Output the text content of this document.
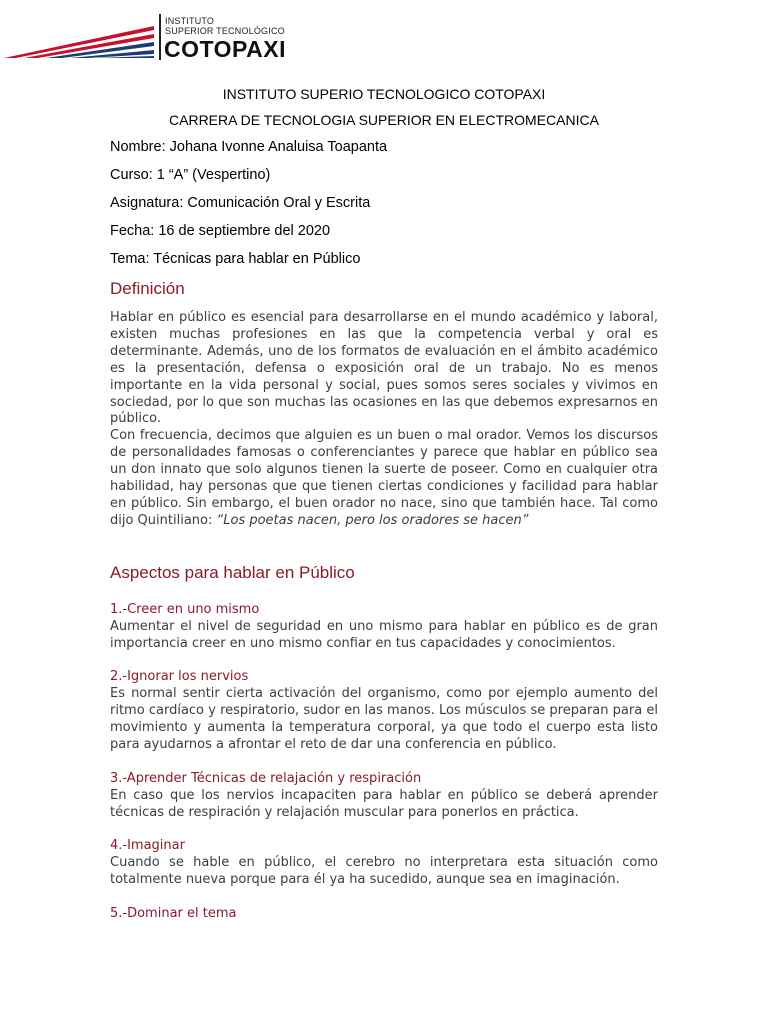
INSTITUTO
SUPERIOR TECNOLÓGICO
COTOPAXI
INSTITUTO SUPERIO TECNOLOGICO COTOPAXI
CARRERA DE TECNOLOGIA SUPERIOR EN ELECTROMECANICA
Nombre: Johana Ivonne Analuisa Toapanta
Curso: 1 “A” (Vespertino)
Asignatura: Comunicación Oral y Escrita
Fecha: 16 de septiembre del 2020
Tema: Técnicas para hablar en Público
Definición

Hablar en público es esencial para desarrollarse en el mundo académico y laboral, existen muchas profesiones en las que la competencia verbal y oral es determinante. Además, uno de los formatos de evaluación en el ámbito académico es la presentación, defensa o exposición oral de un trabajo. No es menos importante en la vida personal y social, pues somos seres sociales y vivimos en sociedad, por lo que son muchas las ocasiones en las que debemos expresarnos en público.

Con frecuencia, decimos que alguien es un buen o mal orador. Vemos los discursos de personalidades famosas o conferenciantes y parece que hablar en público sea un don innato que solo algunos tienen la suerte de poseer. Como en cualquier otra habilidad, hay personas que que tienen ciertas condiciones y facilidad para hablar en público. Sin embargo, el buen orador no nace, sino que también hace. Tal como dijo Quintiliano: “Los poetas nacen, pero los oradores se hacen”

Aspectos para hablar en Público
1.-Creer en uno mismo
Aumentar el nivel de seguridad en uno mismo para hablar en público es de gran importancia creer en uno mismo confiar en tus capacidades y conocimientos.
2.-Ignorar los nervios
Es normal sentir cierta activación del organismo, como por ejemplo aumento del ritmo cardíaco y respiratorio, sudor en las manos. Los músculos se preparan para el movimiento y aumenta la temperatura corporal, ya que todo el cuerpo esta listo para ayudarnos a afrontar el reto de dar una conferencia en público.
3.-Aprender Técnicas de relajación y respiración
En caso que los nervios incapaciten para hablar en público se deberá aprender técnicas de respiración y relajación muscular para ponerlos en práctica.
4.-Imaginar
Cuando se hable en público, el cerebro no interpretara esta situación como totalmente nueva porque para él ya ha sucedido, aunque sea en imaginación.
5.-Dominar el tema
